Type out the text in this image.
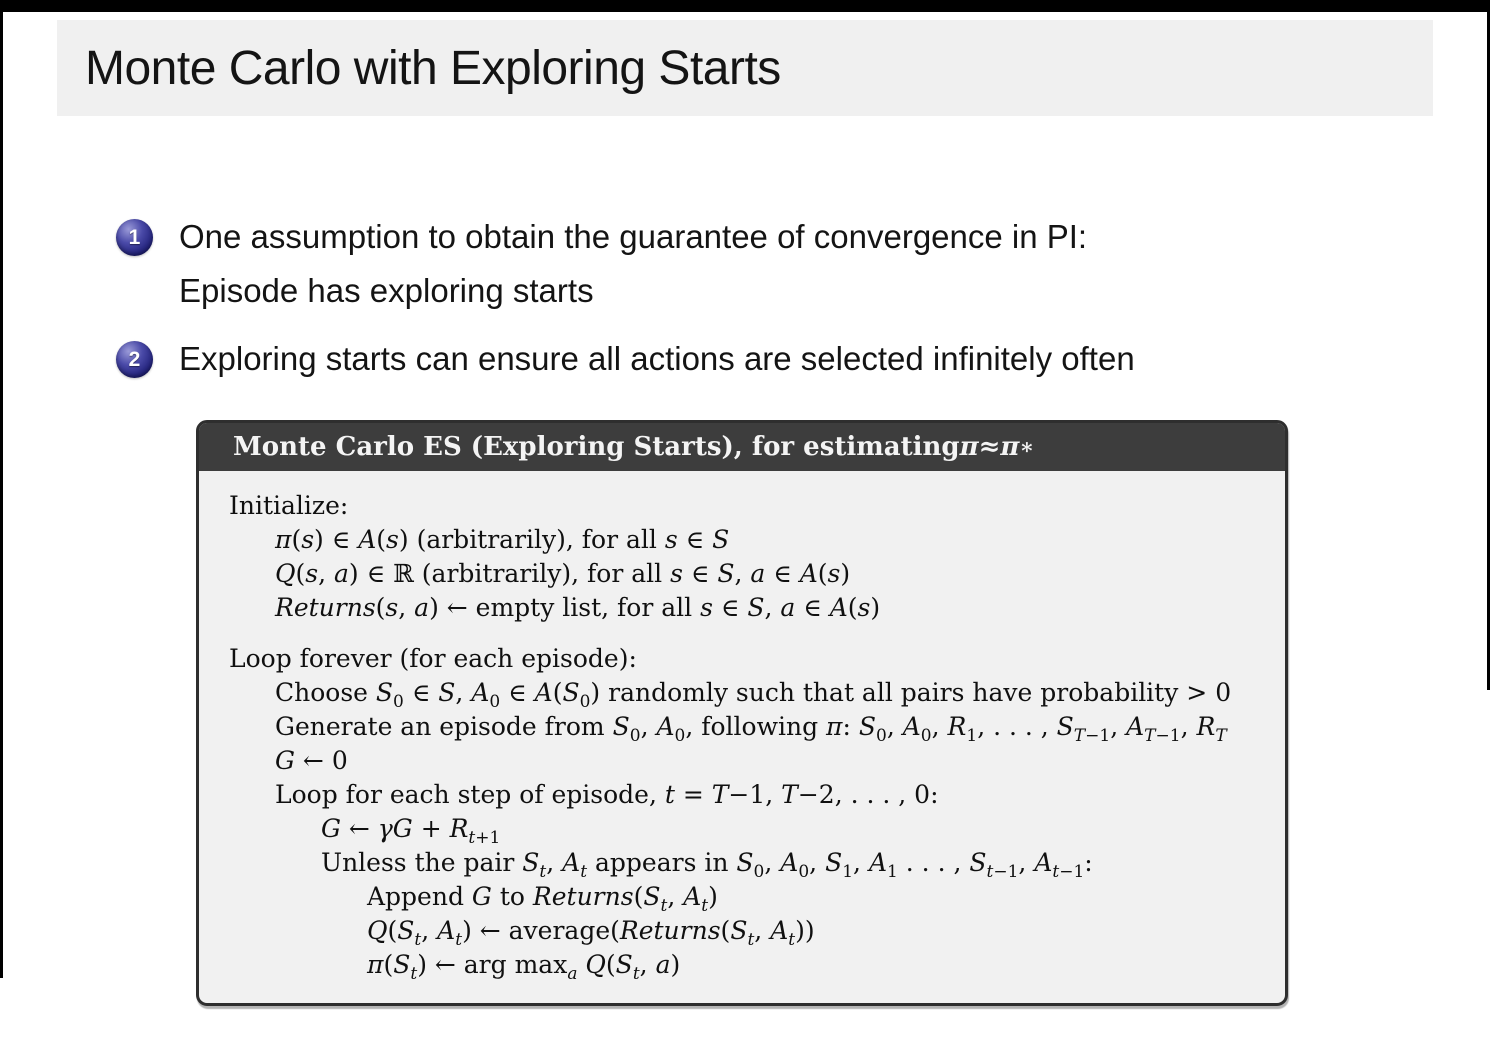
Monte Carlo with Exploring Starts
1	One assumption to obtain the guarantee of convergence in PI:
Episode has exploring starts
2	Exploring starts can ensure all actions are selected infinitely often
Monte Carlo ES (Exploring Starts), for estimating π ≈ π ∗
Initialize:
π(s) ∈ A(s) (arbitrarily), for all s ∈ S
Q(s, a) ∈ ℝ (arbitrarily), for all s ∈ S, a ∈ A(s)
Returns(s, a) ← empty list, for all s ∈ S, a ∈ A(s)
Loop forever (for each episode):
Choose $S_0$ ∈ S, $A_0$ ∈ $A(S_0)$ randomly such that all pairs have probability > 0
Generate an episode from $S_0$, $A_0$, following π: $S_0$, $A_0$, $R_1$, . . . , $S_{T-1}$, $A_{T-1}$, $R_T$
G ← 0
Loop for each step of episode, t = T−1, T−2, . . . , 0:
G ← $\gamma G + R_{t+1}$
Unless the pair $S_t$, $A_t$ appears in $S_0$, $A_0$, $S_1$, $A_1$ . . . , $S_{t-1}$, $A_{t-1}$:
Append G to $Returns(S_t$, $A_t$)
$Q(S_t$, $A_t$) ← $average(Returns(S_t$, $A_t$))
$\pi(S_t)$ ← arg $\max_a Q(S_t$, a)
